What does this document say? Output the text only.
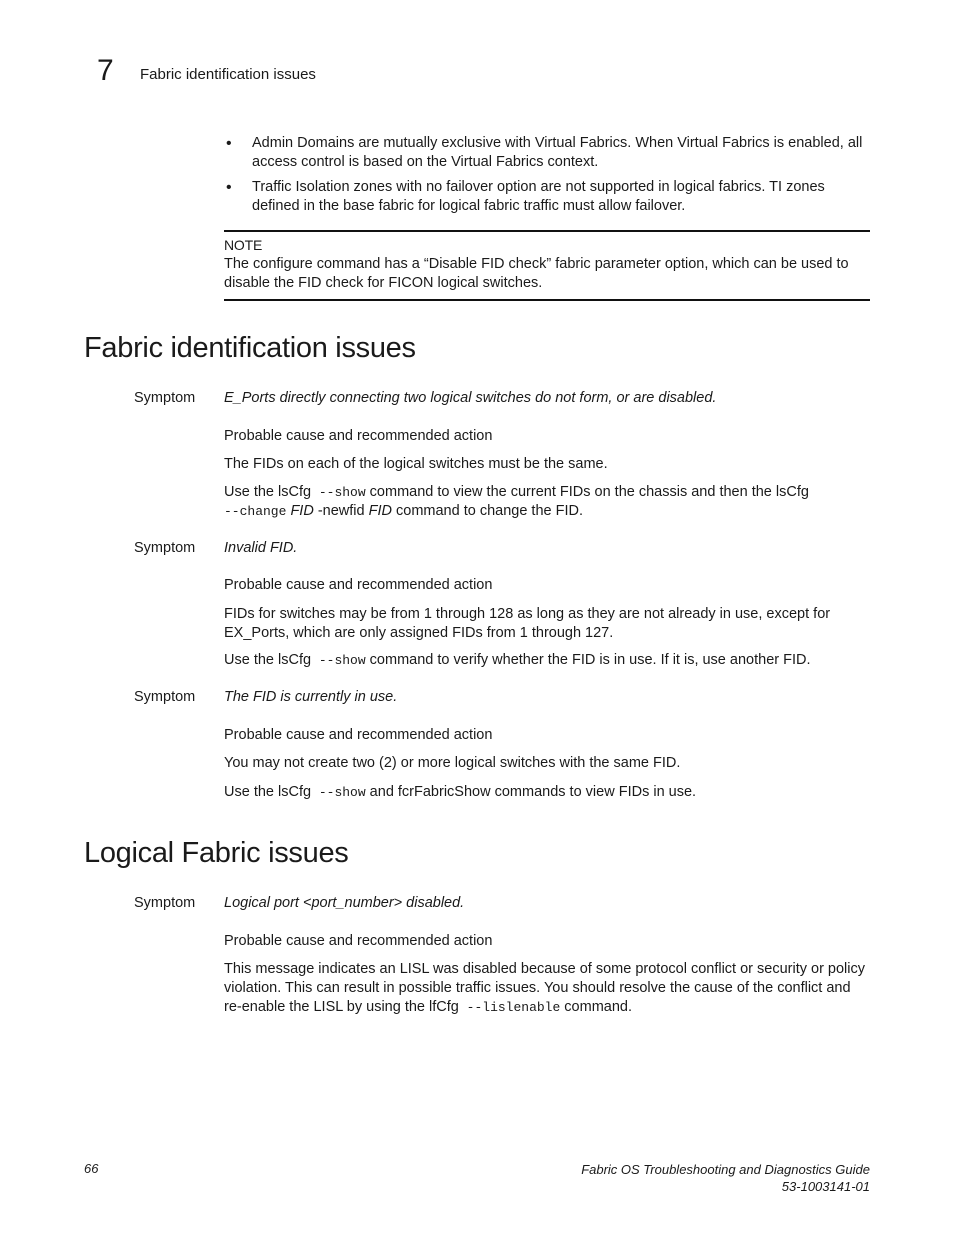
7 Fabric identification issues
• Admin Domains are mutually exclusive with Virtual Fabrics. When Virtual Fabrics is enabled, all access control is based on the Virtual Fabrics context.
• Traffic Isolation zones with no failover option are not supported in logical fabrics. TI zones defined in the base fabric for logical fabric traffic must allow failover.
NOTE
The configure command has a “Disable FID check” fabric parameter option, which can be used to disable the FID check for FICON logical switches.
Fabric identification issues
Symptom E_Ports directly connecting two logical switches do not form, or are disabled.
Probable cause and recommended action
The FIDs on each of the logical switches must be the same.
Use the lsCfg --show command to view the current FIDs on the chassis and then the lsCfg
--change FID -newfid FID command to change the FID.
Symptom Invalid FID.
Probable cause and recommended action
FIDs for switches may be from 1 through 128 as long as they are not already in use, except for EX_Ports, which are only assigned FIDs from 1 through 127.
Use the lsCfg --show command to verify whether the FID is in use. If it is, use another FID.
Symptom The FID is currently in use.
Probable cause and recommended action
You may not create two (2) or more logical switches with the same FID.
Use the lsCfg --show and fcrFabricShow commands to view FIDs in use.
Logical Fabric issues
Symptom Logical port <port_number> disabled.
Probable cause and recommended action
This message indicates an LISL was disabled because of some protocol conflict or security or policy violation. This can result in possible traffic issues. You should resolve the cause of the conflict and re-enable the LISL by using the lfCfg --lislenable command.
66	Fabric OS Troubleshooting and Diagnostics Guide
53-1003141-01
